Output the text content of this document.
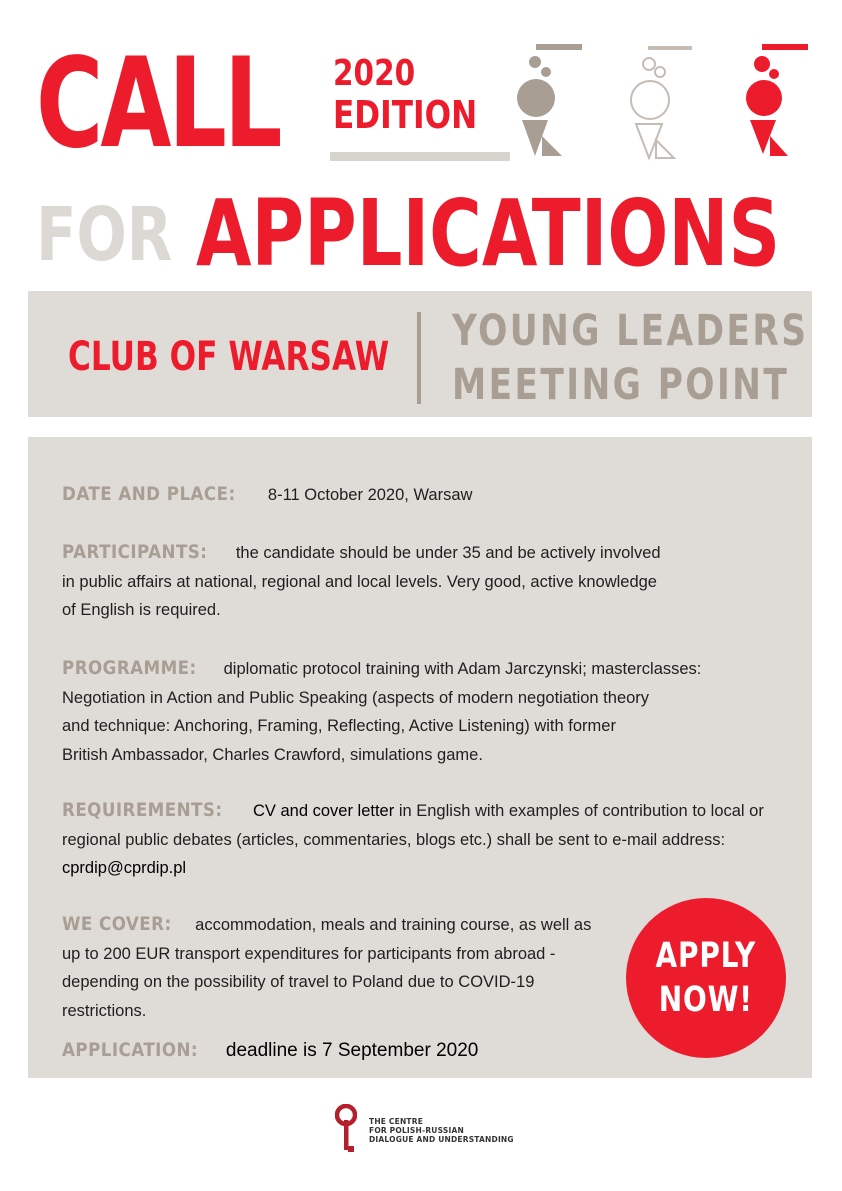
CALL 2020
EDITION
FOR APPLICATIONS
CLUB OF WARSAW
YOUNG LEADERS
MEETING POINT
DATE AND PLACE: 8-11 October 2020, Warsaw
PARTICIPANTS: the candidate should be under 35 and be actively involved
in public affairs at national, regional and local levels. Very good, active knowledge
of English is required.
PROGRAMME: diplomatic protocol training with Adam Jarczynski; masterclasses:
Negotiation in Action and Public Speaking (aspects of modern negotiation theory
and technique: Anchoring, Framing, Reflecting, Active Listening) with former
British Ambassador, Charles Crawford, simulations game.
REQUIREMENTS: CV and cover letter in English with examples of contribution to local or
regional public debates (articles, commentaries, blogs etc.) shall be sent to e-mail address:
cprdip@cprdip.pl
WE COVER: accommodation, meals and training course, as well as
up to 200 EUR transport expenditures for participants from abroad -
depending on the possibility of travel to Poland due to COVID-19
restrictions.
APPLICATION: deadline is 7 September 2020
APPLY
NOW!
THE CENTRE
FOR POLISH-RUSSIAN
DIALOGUE AND UNDERSTANDING
